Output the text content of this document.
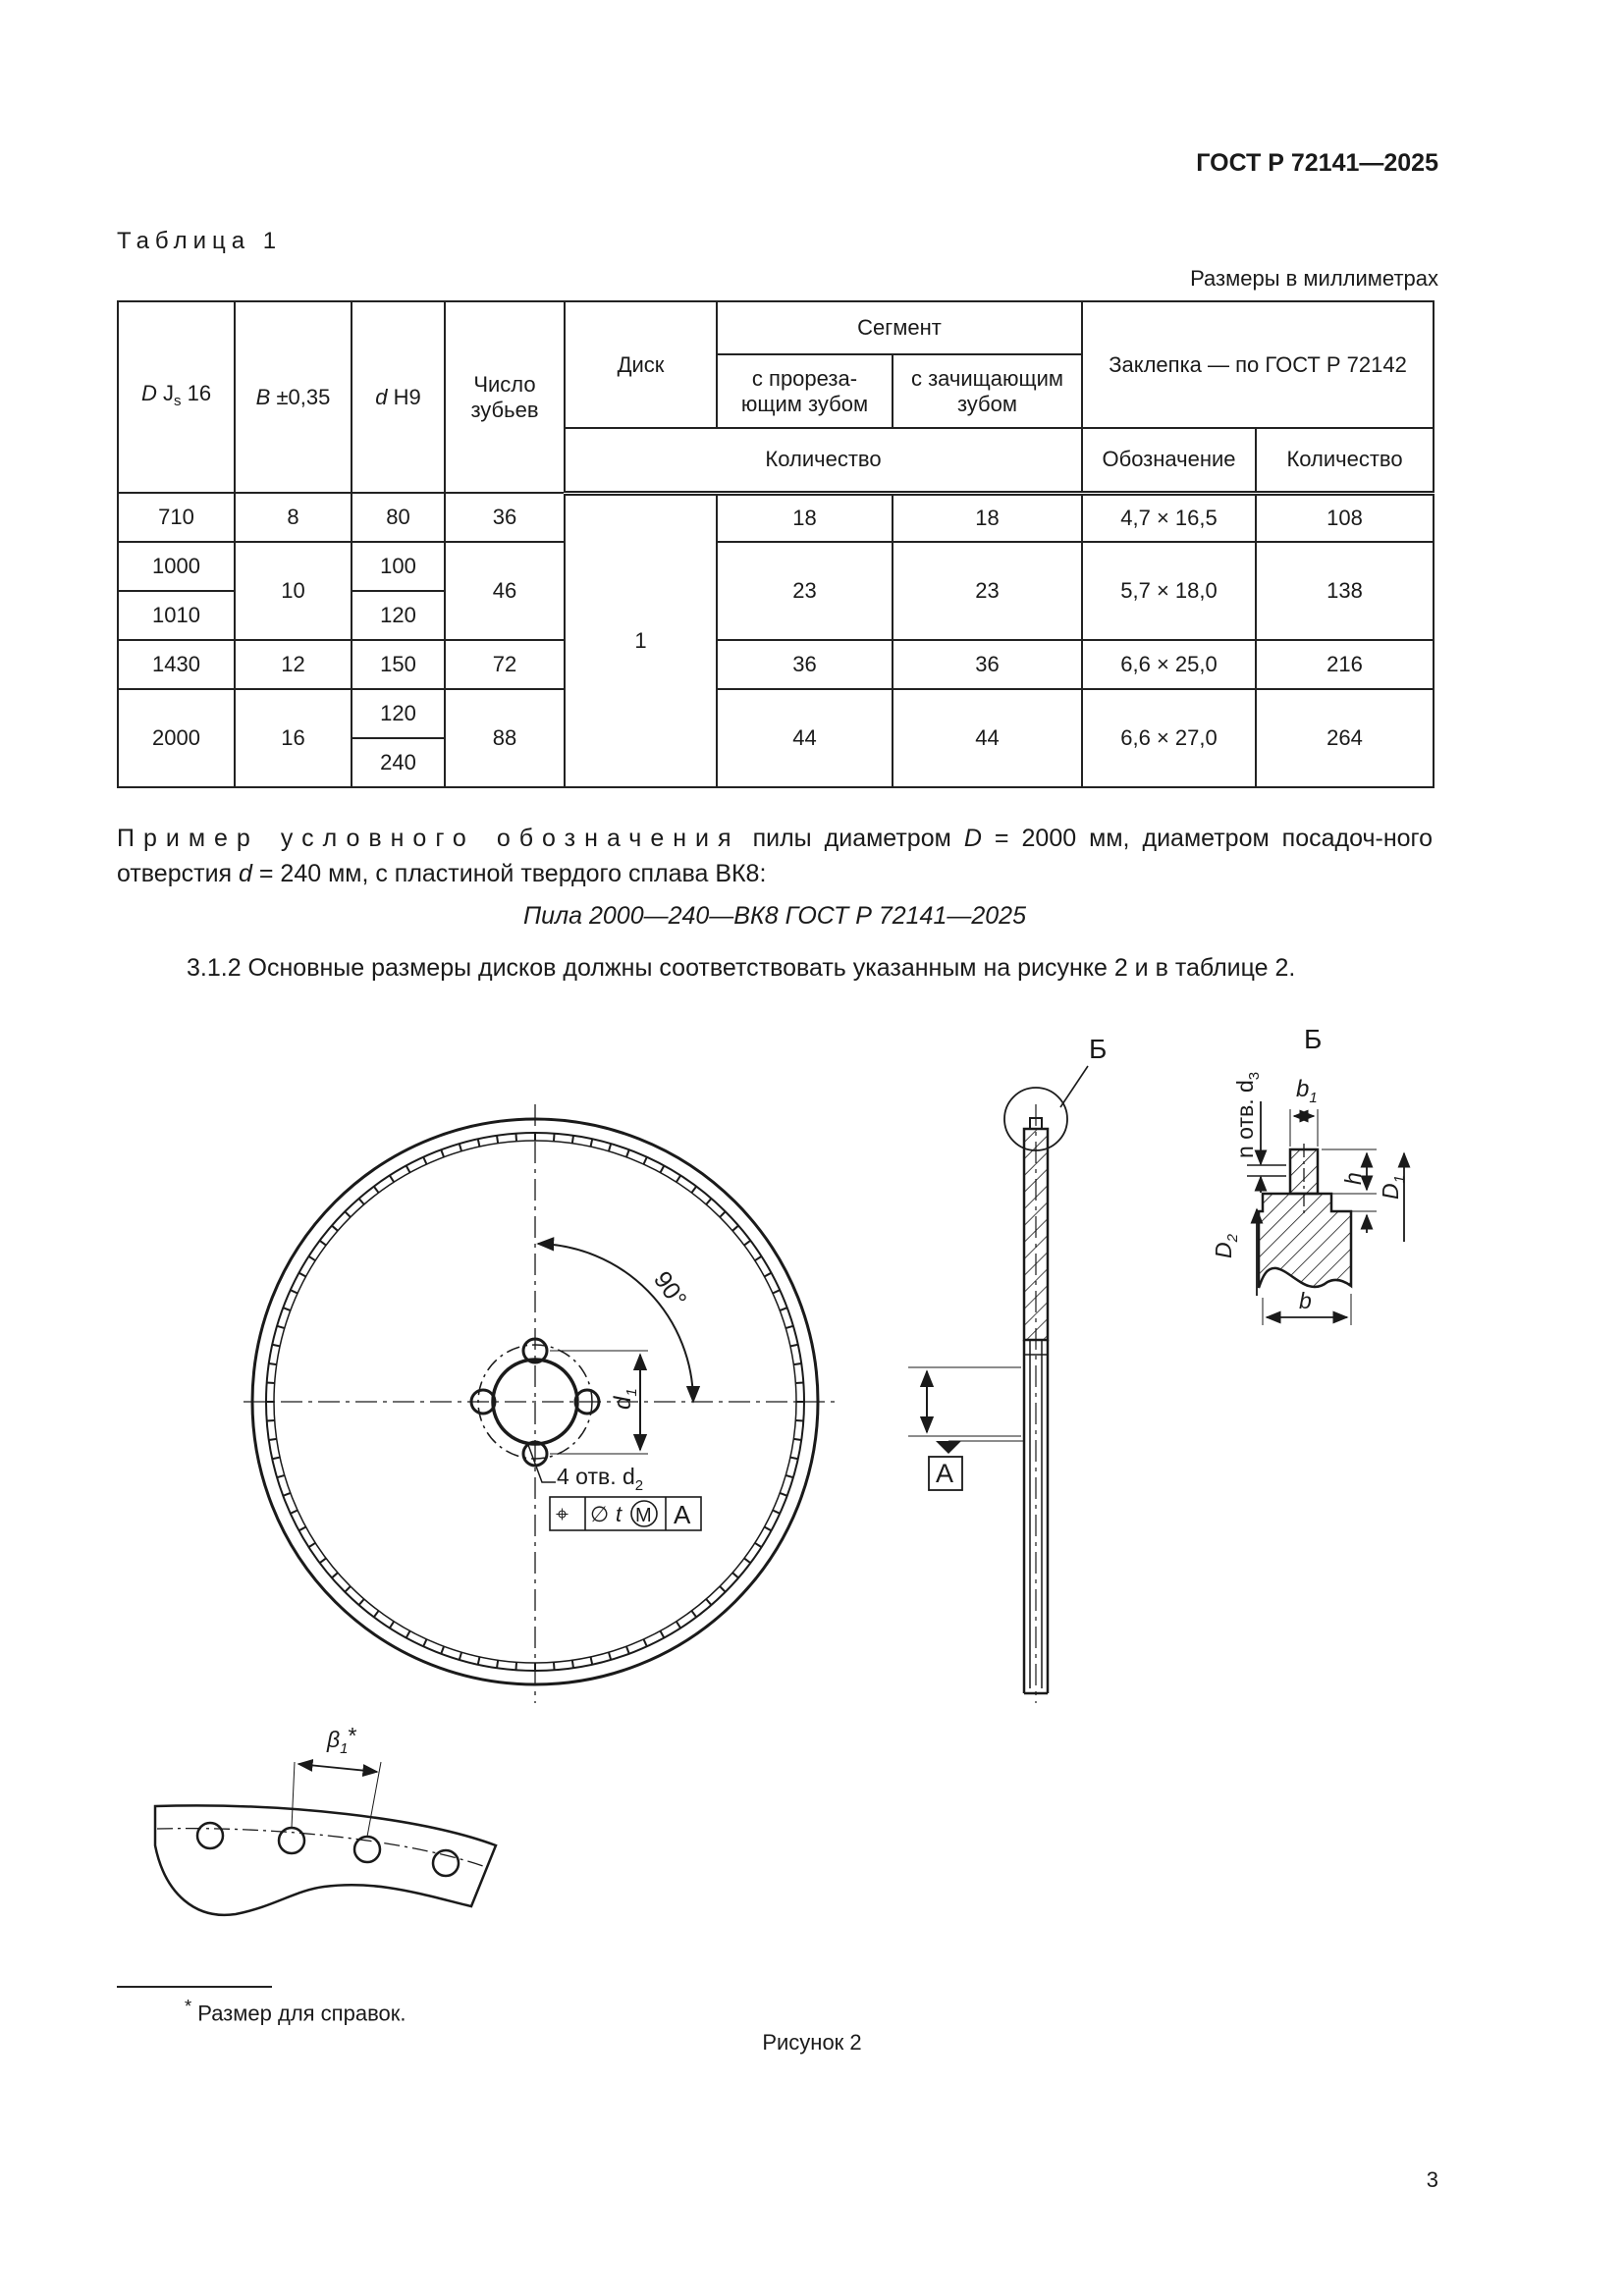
ГОСТ Р 72141—2025
Таблица 1
Размеры в миллиметрах
D $J_s$ 16	B ±0,35	d H9	Число зубьев	Диск	Сегмент		Заклепка — по ГОСТ Р 72142	
					с прореза-ющим зубом	с зачищающим зубом		
				Количество			Обозначение	Количество
710	8	80	36	1	18	18	4,7 × 16,5	108
1000	10	100	46		23	23	5,7 × 18,0	138
1010		120						
1430	12	150	72		36	36	6,6 × 25,0	216
2000	16	120	88		44	44	6,6 × 27,0	264
		240						
Пример условного обозначения пилы диаметром D = 2000 мм, диаметром посадоч-ного отверстия d = 240 мм, с пластиной твердого сплава ВК8:
Пила 2000—240—ВК8 ГОСТ Р 72141—2025
3.1.2 Основные размеры дисков должны соответствовать указанным на рисунке 2 и в таблице 2.
90°
$d_1$
4 отв. $d_2$
⌖ ∅ t M A
A
Б	Б
$b_1$
n отв. $d_3$
h
$D_1$
$D_2$
b
$\beta_1*$
* Размер для справок.
Рисунок 2
3
